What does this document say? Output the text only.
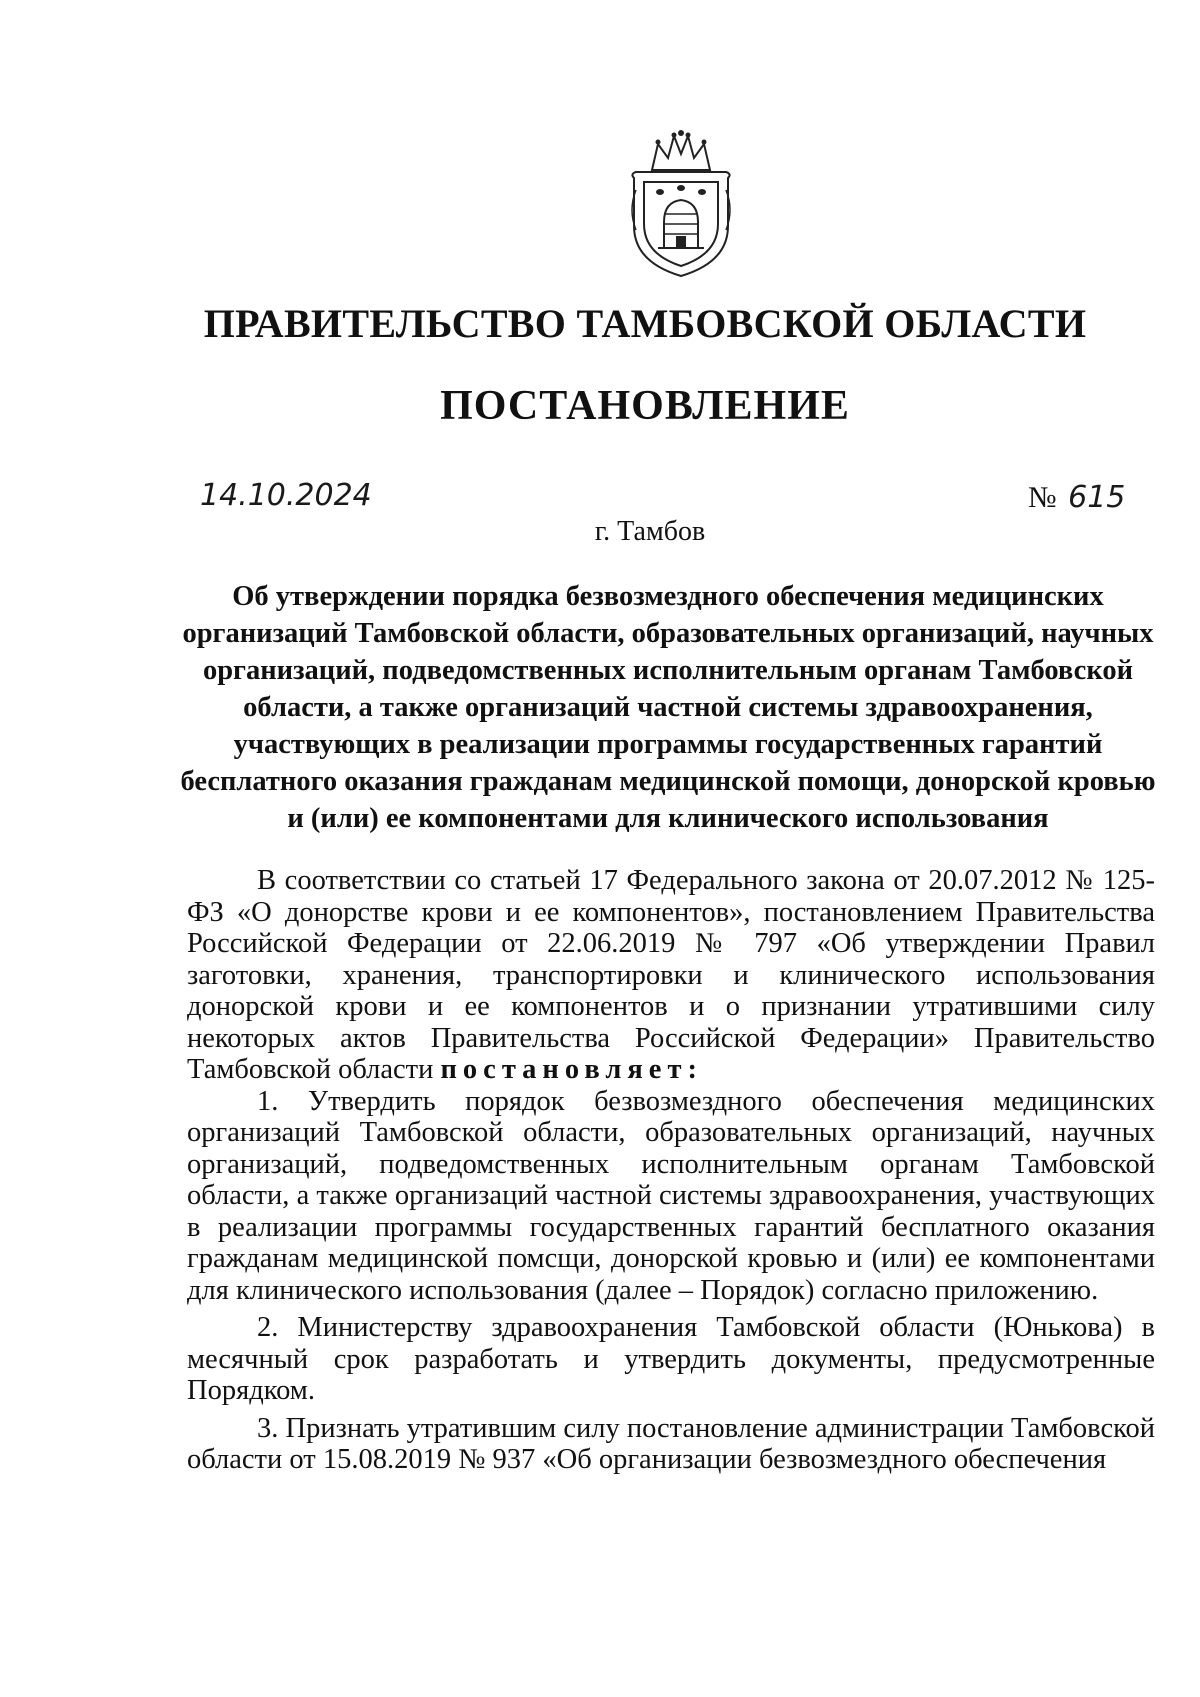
ПРАВИТЕЛЬСТВО ТАМБОВСКОЙ ОБЛАСТИ
ПОСТАНОВЛЕНИЕ
14.10.2024	№ 615
г. Тамбов
Об утверждении порядка безвозмездного обеспечения медицинских организаций Тамбовской области, образовательных организаций, научных организаций, подведомственных исполнительным органам Тамбовской области, а также организаций частной системы здравоохранения, участвующих в реализации программы государственных гарантий бесплатного оказания гражданам медицинской помощи, донорской кровью и (или) ее компонентами для клинического использования

В соответствии со статьей 17 Федерального закона от 20.07.2012 № 125-ФЗ «О донорстве крови и ее компонентов», постановлением Правительства Российской Федерации от 22.06.2019 № 797 «Об утверждении Правил заготовки, хранения, транспортировки и клинического использования донорской крови и ее компонентов и о признании утратившими силу некоторых актов Правительства Российской Федерации» Правительство Тамбовской области постановляет:

1. Утвердить порядок безвозмездного обеспечения медицинских организаций Тамбовской области, образовательных организаций, научных организаций, подведомственных исполнительным органам Тамбовской области, а также организаций частной системы здравоохранения, участвующих в реализации программы государственных гарантий бесплатного оказания гражданам медицинской помсщи, донорской кровью и (или) ее компонентами для клинического использования (далее – Порядок) согласно приложению.

2. Министерству здравоохранения Тамбовской области (Юнькова) в месячный срок разработать и утвердить документы, предусмотренные Порядком.

3. Признать утратившим силу постановление администрации Тамбовской области от 15.08.2019 № 937 «Об организации безвозмездного обеспечения
